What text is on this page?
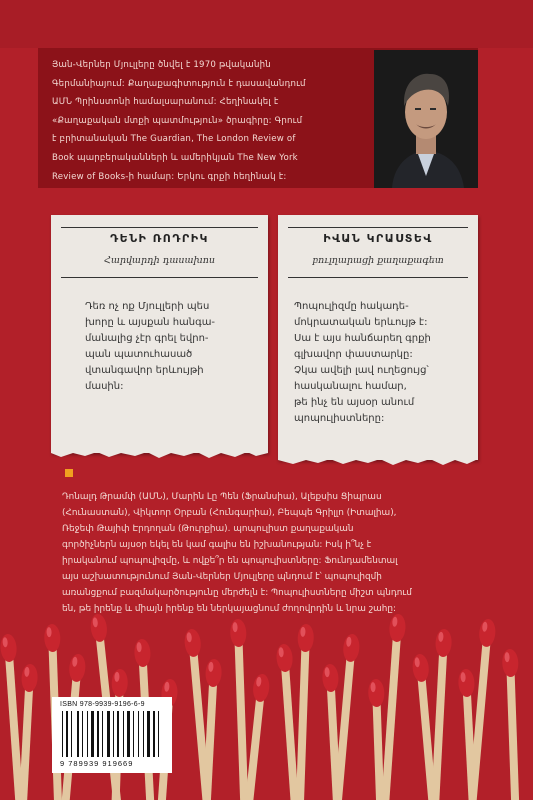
Յան-Վերներ Մյուլլերը ծնվել է 1970 թվականին
Գերմանիայում: Քաղաքագիտություն է դասավանդում
ԱՄՆ Պրինստոնի համալսարանում: Հեղինակել է
«Քաղաքական մտքի պատմություն» ծրագիրը: Գրում
է բրիտանական The Guardian, The London Review of
Book պարբերականների և ամերիկյան The New York
Review of Books-ի համար: Երկու գրքի հեղինակ է:
ԴԵՆԻ ՌՈԴՐԻԿ
Հարվարդի դասախոս
Դեռ ոչ ոք Մյուլլերի պես
խորը և այսքան հանգա-
մանալից չէր գրել եվրո-
պան պատուհասած
վտանգավոր երևույթի
մասին:
ԻՎԱՆ ԿՐԱՍՏԵՎ
բուլղարացի քաղաքագետ
Պոպուլիզմը հակադե-
մոկրատական երևույթ է:
Սա է այս հանճարեղ գրքի
գլխավոր փաստարկը:
Չկա ավելի լավ ուղեցույց՝
հասկանալու համար,
թե ինչ են այսօր անում
պոպուլիստները:
Դոնալդ Թրամփ (ԱՄՆ), Մարին Լը Պեն (Ֆրանսիա), Ալեքսիս Ցիպրաս
(Հունաստան), Վիկտոր Օրբան (Հունգարիա), Բեպպե Գրիլլո (Իտալիա),
Ռեջեփ Թայիփ Էրդողան (Թուրքիա). պոպուլիստ քաղաքական
գործիչներն այսօր եկել են կամ գալիս են իշխանության: Իսկ ի՞նչ է
իրականում պոպուլիզմը, և ովքե՞ր են պոպուլիստները: Ֆունդամենտալ
այս աշխատությունում Յան-Վերներ Մյուլլերը պնդում է՝ պոպուլիզմի
առանցքում բազմակարծությունը մերժելն է: Պոպուլիստները միշտ պնդում
են, թե իրենք և միայն իրենք են ներկայացնում ժողովրդին և նրա շահը:
ISBN 978-9939-9196-6-9
9 789939 919669
